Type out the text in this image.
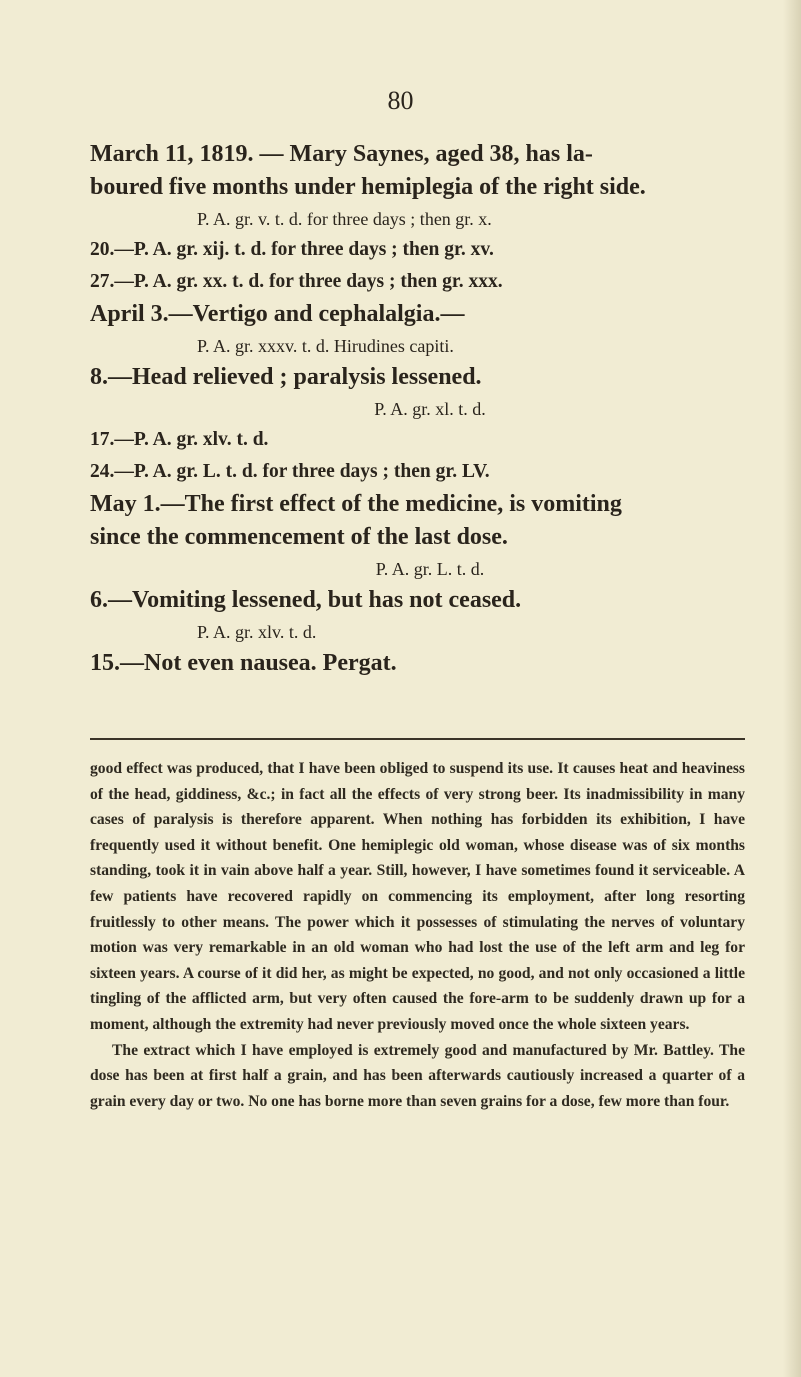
80
March 11, 1819. — Mary Saynes, aged 38, has la-
boured five months under hemiplegia of the right side.
P. A. gr. v. t. d. for three days ; then gr. x.
20.—P. A. gr. xij. t. d. for three days ; then gr. xv.
27.—P. A. gr. xx. t. d. for three days ; then gr. xxx.
April 3.—Vertigo and cephalalgia.—
P. A. gr. xxxv. t. d. Hirudines capiti.
8.—Head relieved ; paralysis lessened.
P. A. gr. xl. t. d.
17.—P. A. gr. xlv. t. d.
24.—P. A. gr. L. t. d. for three days ; then gr. LV.
May 1.—The first effect of the medicine, is vomiting
since the commencement of the last dose.
P. A. gr. L. t. d.
6.—Vomiting lessened, but has not ceased.
P. A. gr. xlv. t. d.
15.—Not even nausea. Pergat.

good effect was produced, that I have been obliged to suspend its use. It causes heat and heaviness of the head, giddiness, &c.; in fact all the effects of very strong beer. Its inadmissibility in many cases of paralysis is therefore apparent. When nothing has forbidden its exhibition, I have frequently used it without benefit. One hemiplegic old woman, whose disease was of six months standing, took it in vain above half a year. Still, however, I have sometimes found it serviceable. A few patients have recovered rapidly on commencing its employment, after long resorting fruitlessly to other means. The power which it possesses of stimulating the nerves of voluntary motion was very remarkable in an old woman who had lost the use of the left arm and leg for sixteen years. A course of it did her, as might be expected, no good, and not only occasioned a little tingling of the afflicted arm, but very often caused the fore-arm to be suddenly drawn up for a moment, although the extremity had never previously moved once the whole sixteen years.

The extract which I have employed is extremely good and manufactured by Mr. Battley. The dose has been at first half a grain, and has been afterwards cautiously increased a quarter of a grain every day or two. No one has borne more than seven grains for a dose, few more than four.
